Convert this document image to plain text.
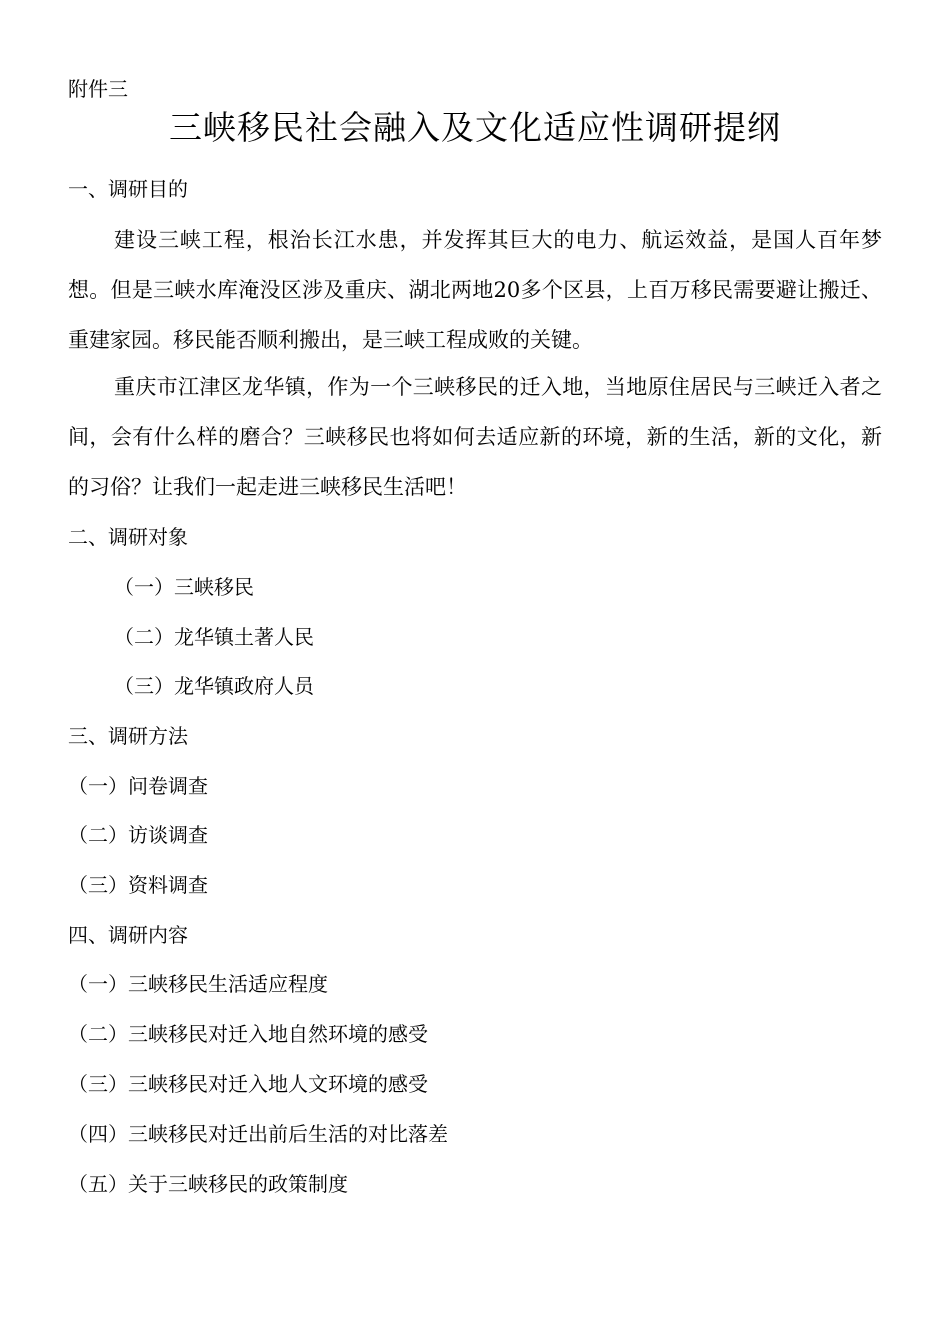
附件三
三峡移民社会融入及文化适应性调研提纲
一、调研目的
建设三峡工程，根治长江水患，并发挥其巨大的电力、航运效益，是国人百年梦想。但是三峡水库淹没区涉及重庆、湖北两地20多个区县，上百万移民需要避让搬迁、重建家园。移民能否顺利搬出，是三峡工程成败的关键。
重庆市江津区龙华镇，作为一个三峡移民的迁入地，当地原住居民与三峡迁入者之间，会有什么样的磨合？三峡移民也将如何去适应新的环境，新的生活，新的文化，新的习俗？让我们一起走进三峡移民生活吧！
二、调研对象
（一）三峡移民
（二）龙华镇土著人民
（三）龙华镇政府人员
三、调研方法
（一）问卷调查
（二）访谈调查
（三）资料调查
四、调研内容
（一）三峡移民生活适应程度
（二）三峡移民对迁入地自然环境的感受
（三）三峡移民对迁入地人文环境的感受
（四）三峡移民对迁出前后生活的对比落差
（五）关于三峡移民的政策制度
